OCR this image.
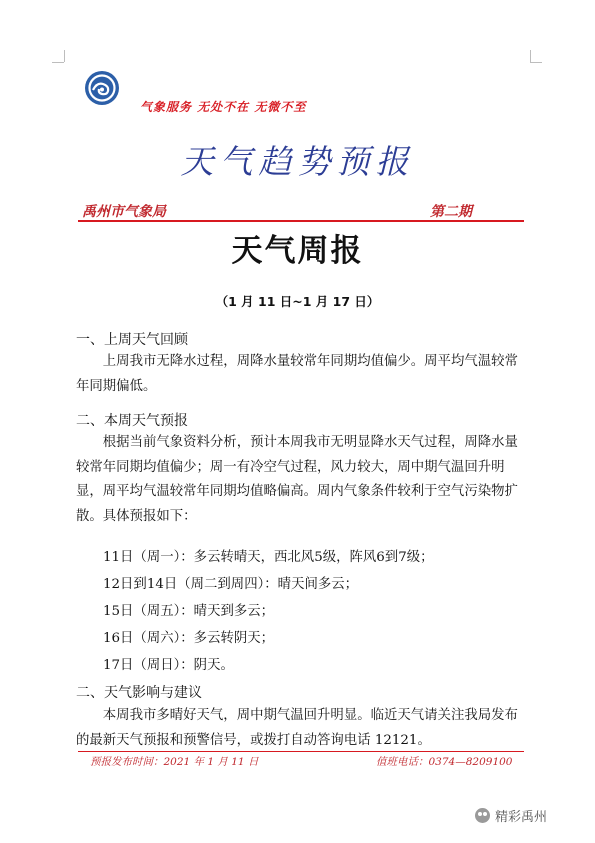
气象服务 无处不在 无微不至
天气趋势预报
禹州市气象局	第二期
天气周报
（1 月 11 日~1 月 17 日）
一、上周天气回顾
上周我市无降水过程，周降水量较常年同期均值偏少。周平均气温较常年同期偏低。
二、本周天气预报
根据当前气象资料分析，预计本周我市无明显降水天气过程，周降水量较常年同期均值偏少；周一有冷空气过程，风力较大，周中期气温回升明显，周平均气温较常年同期均值略偏高。周内气象条件较利于空气污染物扩散。具体预报如下：
11日（周一）：多云转晴天，西北风5级，阵风6到7级；
12日到14日（周二到周四）：晴天间多云；
15日（周五）：晴天到多云；
16日（周六）：多云转阴天；
17日（周日）：阴天。
二、天气影响与建议
本周我市多晴好天气，周中期气温回升明显。临近天气请关注我局发布的最新天气预报和预警信号，或拨打自动答询电话 12121。
预报发布时间：2021 年 1 月 11 日	值班电话：0374—8209100
精彩禹州
